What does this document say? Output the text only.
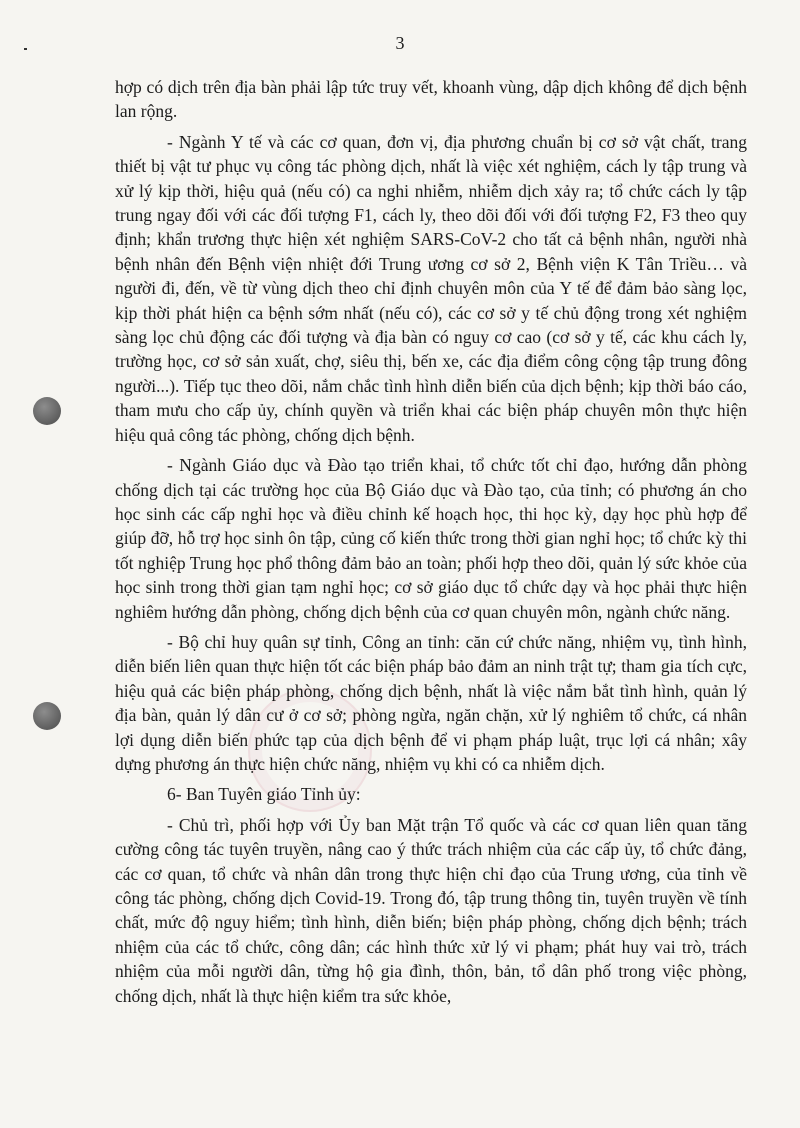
3

hợp có dịch trên địa bàn phải lập tức truy vết, khoanh vùng, dập dịch không để dịch bệnh lan rộng.

- Ngành Y tế và các cơ quan, đơn vị, địa phương chuẩn bị cơ sở vật chất, trang thiết bị vật tư phục vụ công tác phòng dịch, nhất là việc xét nghiệm, cách ly tập trung và xử lý kịp thời, hiệu quả (nếu có) ca nghi nhiễm, nhiễm dịch xảy ra; tổ chức cách ly tập trung ngay đối với các đối tượng F1, cách ly, theo dõi đối với đối tượng F2, F3 theo quy định; khẩn trương thực hiện xét nghiệm SARS-CoV-2 cho tất cả bệnh nhân, người nhà bệnh nhân đến Bệnh viện nhiệt đới Trung ương cơ sở 2, Bệnh viện K Tân Triều… và người đi, đến, về từ vùng dịch theo chỉ định chuyên môn của Y tế để đảm bảo sàng lọc, kịp thời phát hiện ca bệnh sớm nhất (nếu có), các cơ sở y tế chủ động trong xét nghiệm sàng lọc chủ động các đối tượng và địa bàn có nguy cơ cao (cơ sở y tế, các khu cách ly, trường học, cơ sở sản xuất, chợ, siêu thị, bến xe, các địa điểm công cộng tập trung đông người...). Tiếp tục theo dõi, nắm chắc tình hình diễn biến của dịch bệnh; kịp thời báo cáo, tham mưu cho cấp ủy, chính quyền và triển khai các biện pháp chuyên môn thực hiện hiệu quả công tác phòng, chống dịch bệnh.

- Ngành Giáo dục và Đào tạo triển khai, tổ chức tốt chỉ đạo, hướng dẫn phòng chống dịch tại các trường học của Bộ Giáo dục và Đào tạo, của tỉnh; có phương án cho học sinh các cấp nghỉ học và điều chỉnh kế hoạch học, thi học kỳ, dạy học phù hợp để giúp đỡ, hỗ trợ học sinh ôn tập, củng cố kiến thức trong thời gian nghỉ học; tổ chức kỳ thi tốt nghiệp Trung học phổ thông đảm bảo an toàn; phối hợp theo dõi, quản lý sức khỏe của học sinh trong thời gian tạm nghỉ học; cơ sở giáo dục tổ chức dạy và học phải thực hiện nghiêm hướng dẫn phòng, chống dịch bệnh của cơ quan chuyên môn, ngành chức năng.

- Bộ chỉ huy quân sự tỉnh, Công an tỉnh: căn cứ chức năng, nhiệm vụ, tình hình, diễn biến liên quan thực hiện tốt các biện pháp bảo đảm an ninh trật tự; tham gia tích cực, hiệu quả các biện pháp phòng, chống dịch bệnh, nhất là việc nắm bắt tình hình, quản lý địa bàn, quản lý dân cư ở cơ sở; phòng ngừa, ngăn chặn, xử lý nghiêm tổ chức, cá nhân lợi dụng diễn biến phức tạp của dịch bệnh để vi phạm pháp luật, trục lợi cá nhân; xây dựng phương án thực hiện chức năng, nhiệm vụ khi có ca nhiễm dịch.

6- Ban Tuyên giáo Tỉnh ủy:

- Chủ trì, phối hợp với Ủy ban Mặt trận Tổ quốc và các cơ quan liên quan tăng cường công tác tuyên truyền, nâng cao ý thức trách nhiệm của các cấp ủy, tổ chức đảng, các cơ quan, tổ chức và nhân dân trong thực hiện chỉ đạo của Trung ương, của tỉnh về công tác phòng, chống dịch Covid-19. Trong đó, tập trung thông tin, tuyên truyền về tính chất, mức độ nguy hiểm; tình hình, diễn biến; biện pháp phòng, chống dịch bệnh; trách nhiệm của các tổ chức, công dân; các hình thức xử lý vi phạm; phát huy vai trò, trách nhiệm của mỗi người dân, từng hộ gia đình, thôn, bản, tổ dân phố trong việc phòng, chống dịch, nhất là thực hiện kiểm tra sức khỏe,
